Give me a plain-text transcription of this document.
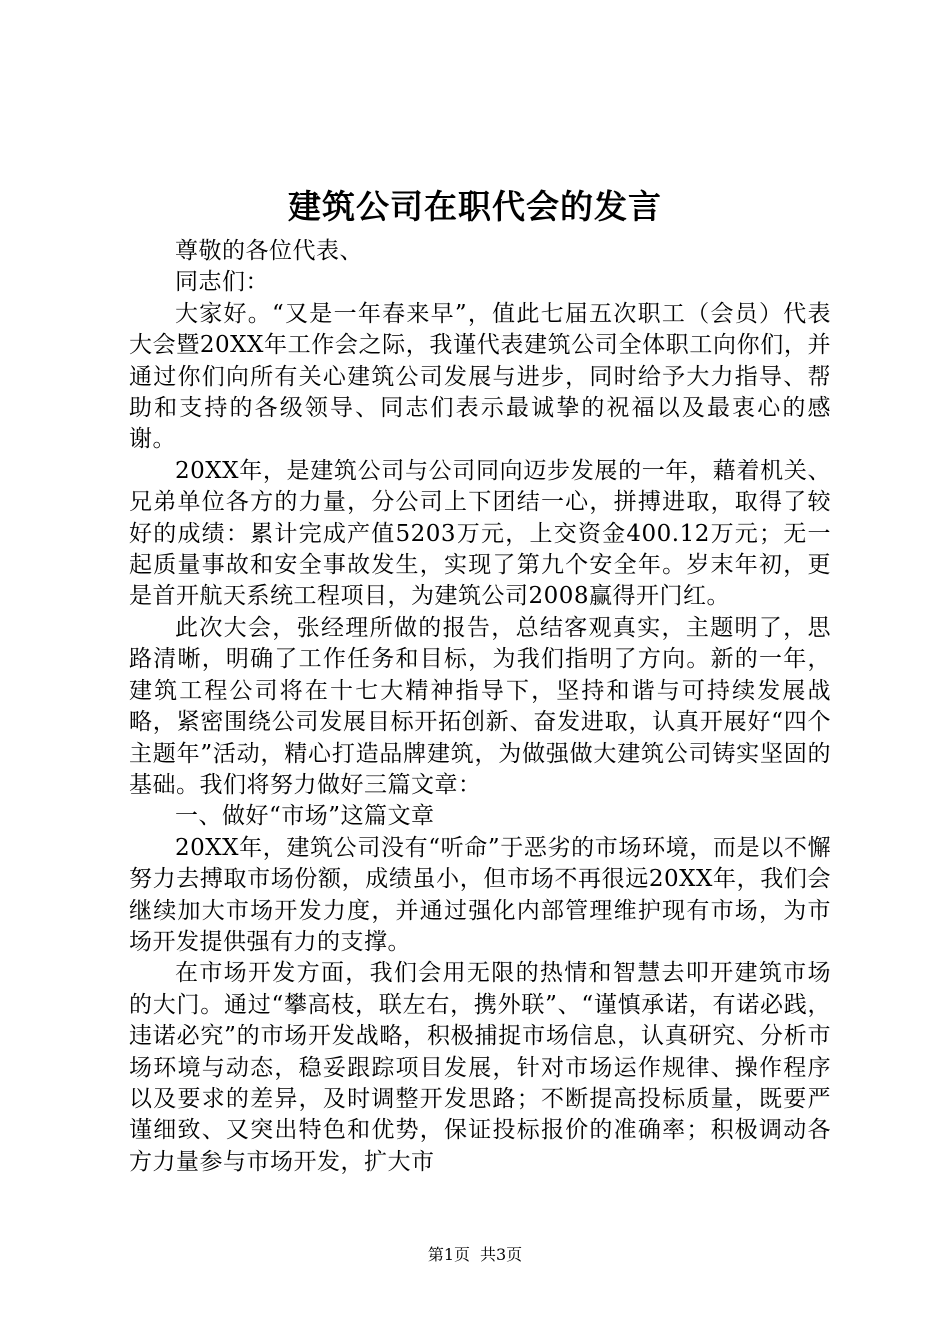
建筑公司在职代会的发言

尊敬的各位代表、

同志们：

大家好。“又是一年春来早”，值此七届五次职工（会员）代表大会暨20XX年工作会之际，我谨代表建筑公司全体职工向你们，并通过你们向所有关心建筑公司发展与进步，同时给予大力指导、帮助和支持的各级领导、同志们表示最诚挚的祝福以及最衷心的感谢。

20XX年，是建筑公司与公司同向迈步发展的一年，藉着机关、兄弟单位各方的力量，分公司上下团结一心，拼搏进取，取得了较好的成绩：累计完成产值5203万元，上交资金400.12万元；无一起质量事故和安全事故发生，实现了第九个安全年。岁末年初，更是首开航天系统工程项目，为建筑公司2008赢得开门红。

此次大会，张经理所做的报告，总结客观真实，主题明了，思路清晰，明确了工作任务和目标，为我们指明了方向。新的一年，建筑工程公司将在十七大精神指导下，坚持和谐与可持续发展战略，紧密围绕公司发展目标开拓创新、奋发进取，认真开展好“四个主题年”活动，精心打造品牌建筑，为做强做大建筑公司铸实坚固的基础。我们将努力做好三篇文章：

一、做好“市场”这篇文章

20XX年，建筑公司没有“听命”于恶劣的市场环境，而是以不懈努力去搏取市场份额，成绩虽小，但市场不再很远20XX年，我们会继续加大市场开发力度，并通过强化内部管理维护现有市场，为市场开发提供强有力的支撑。

在市场开发方面，我们会用无限的热情和智慧去叩开建筑市场的大门。通过“攀高枝，联左右，携外联”、“谨慎承诺，有诺必践，违诺必究”的市场开发战略，积极捕捉市场信息，认真研究、分析市场环境与动态，稳妥跟踪项目发展，针对市场运作规律、操作程序以及要求的差异，及时调整开发思路；不断提高投标质量，既要严谨细致、又突出特色和优势，保证投标报价的准确率；积极调动各方力量参与市场开发，扩大市

第1页 共3页
